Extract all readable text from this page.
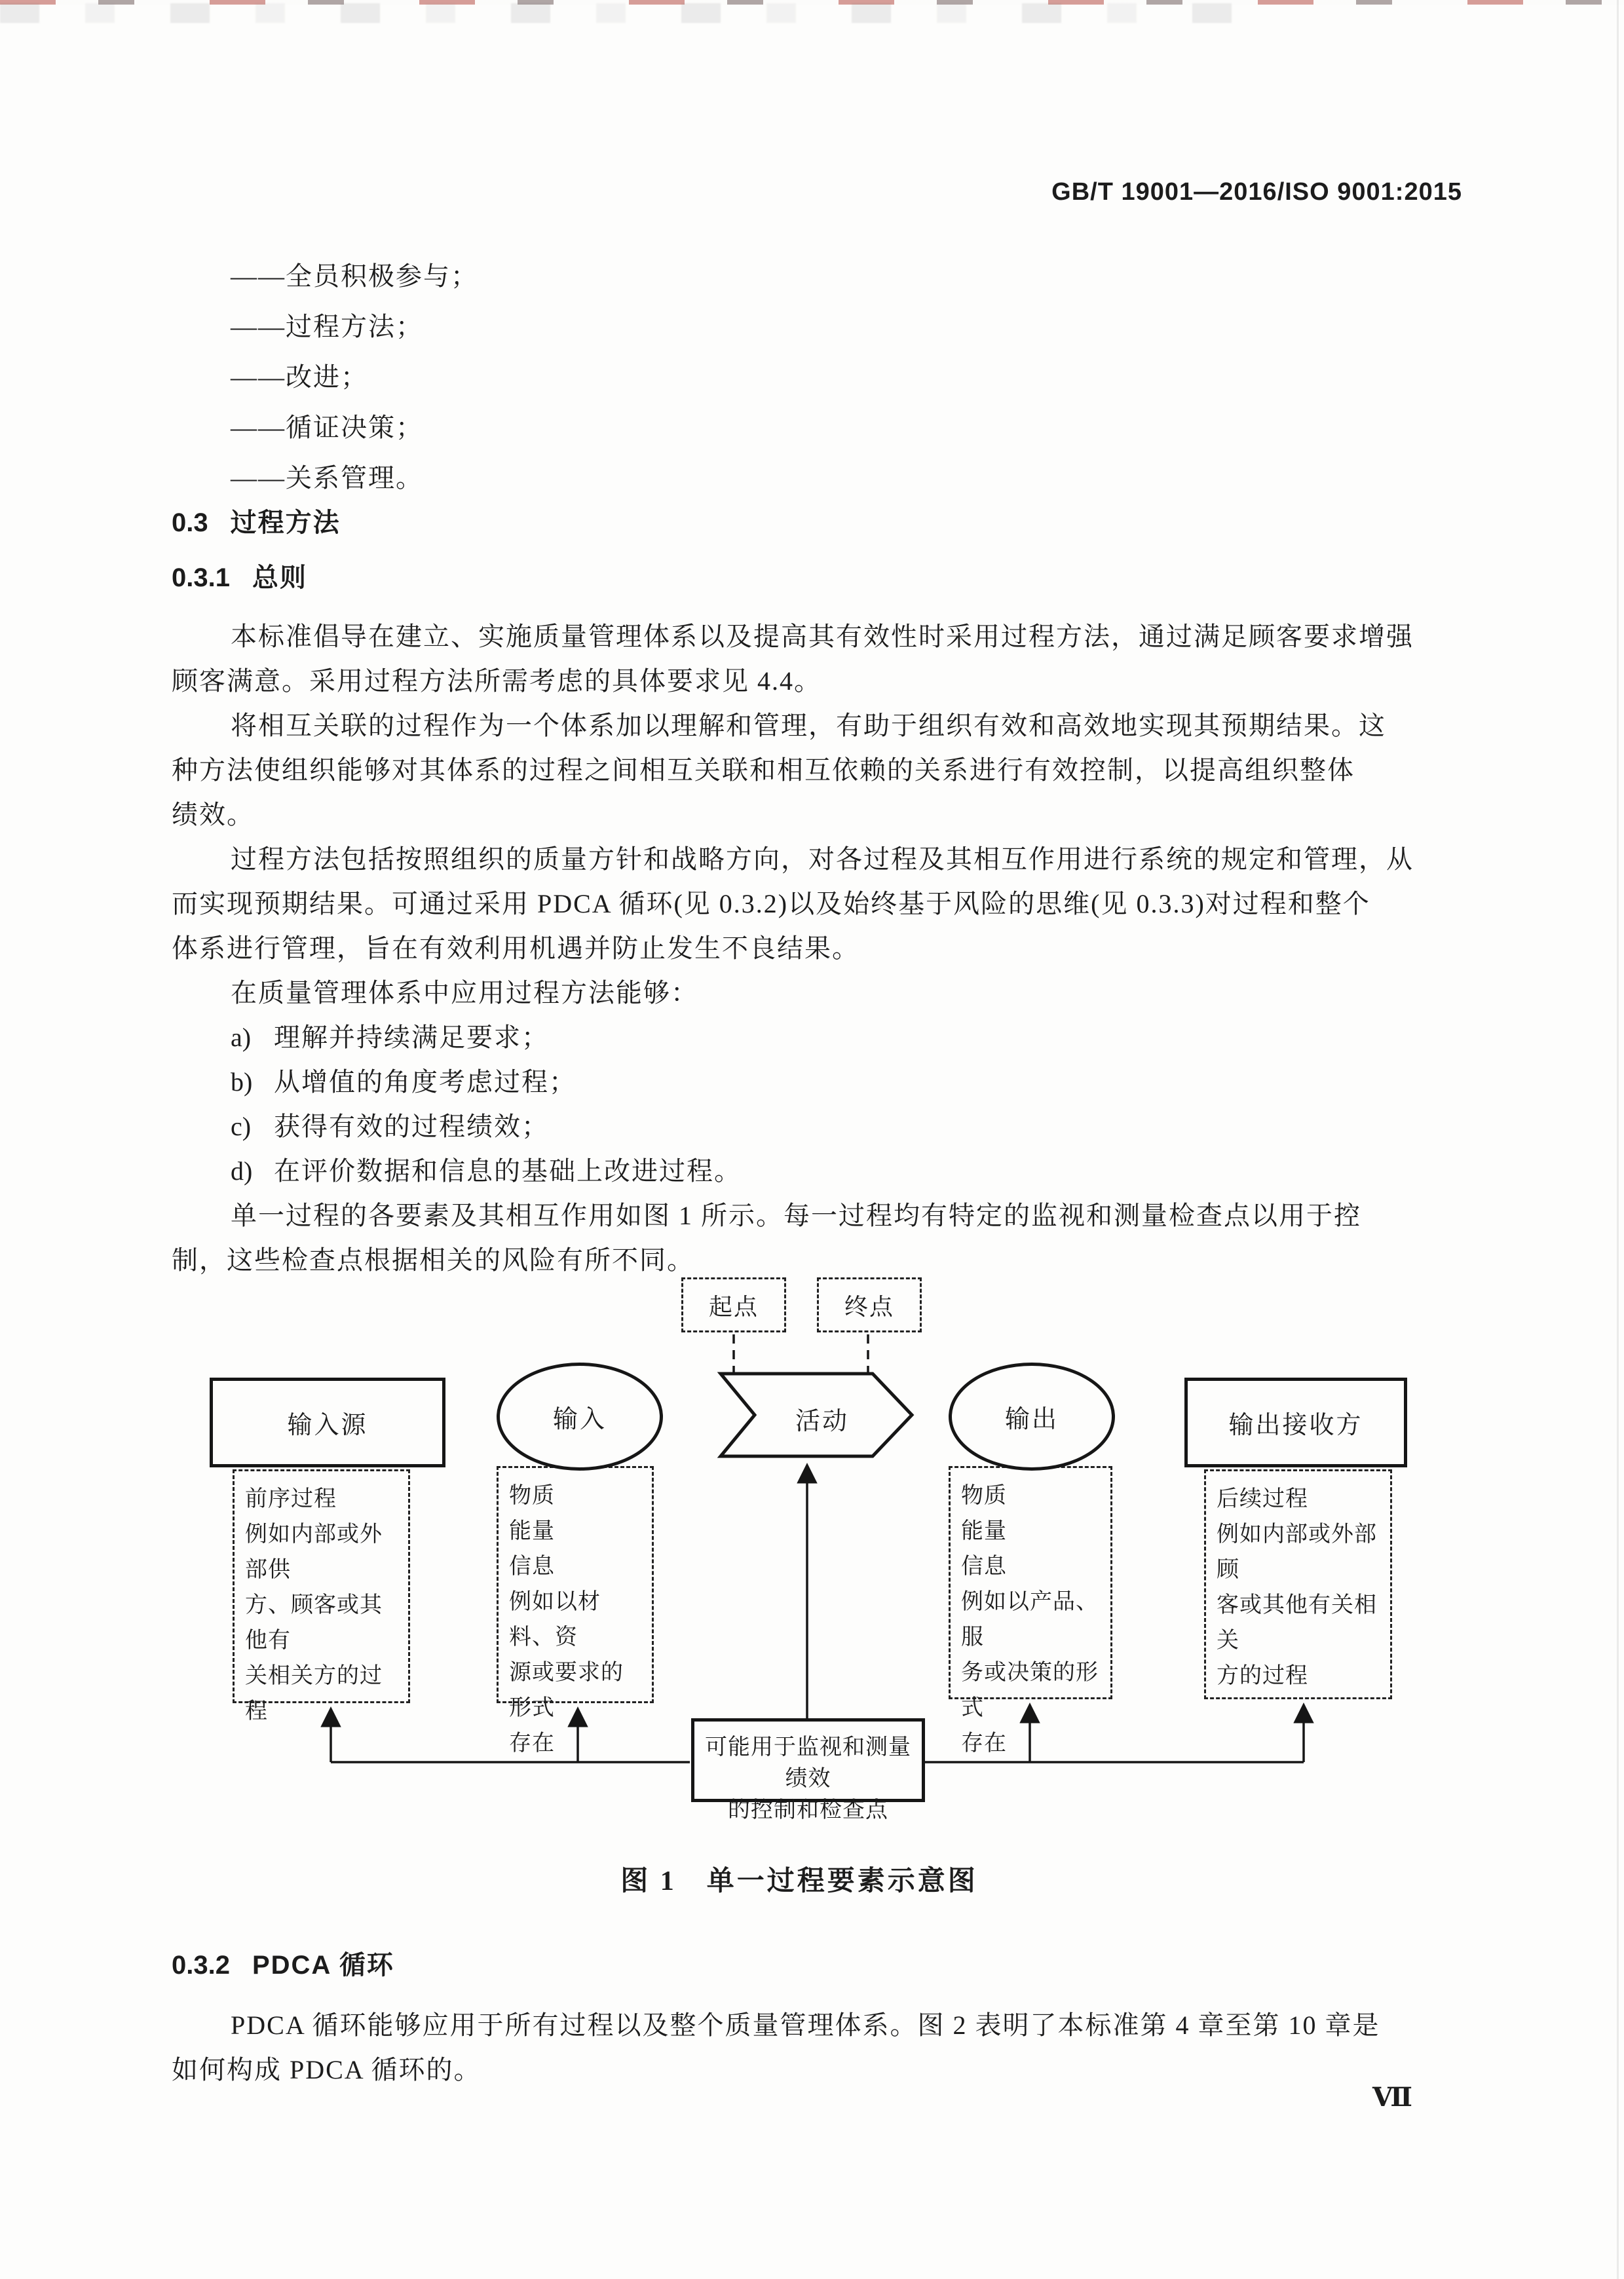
GB/T 19001—2016/ISO 9001:2015
——全员积极参与；
——过程方法；
——改进；
——循证决策；
——关系管理。
0.3 过程方法
0.3.1 总则
本标准倡导在建立、实施质量管理体系以及提高其有效性时采用过程方法，通过满足顾客要求增强
顾客满意。采用过程方法所需考虑的具体要求见 4.4。
将相互关联的过程作为一个体系加以理解和管理，有助于组织有效和高效地实现其预期结果。这
种方法使组织能够对其体系的过程之间相互关联和相互依赖的关系进行有效控制，以提高组织整体
绩效。
过程方法包括按照组织的质量方针和战略方向，对各过程及其相互作用进行系统的规定和管理，从
而实现预期结果。可通过采用 PDCA 循环(见 0.3.2)以及始终基于风险的思维(见 0.3.3)对过程和整个
体系进行管理，旨在有效利用机遇并防止发生不良结果。
在质量管理体系中应用过程方法能够：
a) 理解并持续满足要求；
b) 从增值的角度考虑过程；
c) 获得有效的过程绩效；
d) 在评价数据和信息的基础上改进过程。
单一过程的各要素及其相互作用如图 1 所示。每一过程均有特定的监视和测量检查点以用于控
制，这些检查点根据相关的风险有所不同。
起点	终点
输入源	输入	活动	输出	输出接收方
前序过程
例如内部或外部供
方、顾客或其他有
关相关方的过程
物质
能量
信息
例如以材料、资
源或要求的形式
存在
物质
能量
信息
例如以产品、服
务或决策的形式
存在
后续过程
例如内部或外部顾
客或其他有关相关
方的过程
可能用于监视和测量绩效
的控制和检查点
图 1　单一过程要素示意图
0.3.2 PDCA 循环
PDCA 循环能够应用于所有过程以及整个质量管理体系。图 2 表明了本标准第 4 章至第 10 章是
如何构成 PDCA 循环的。
Ⅶ
